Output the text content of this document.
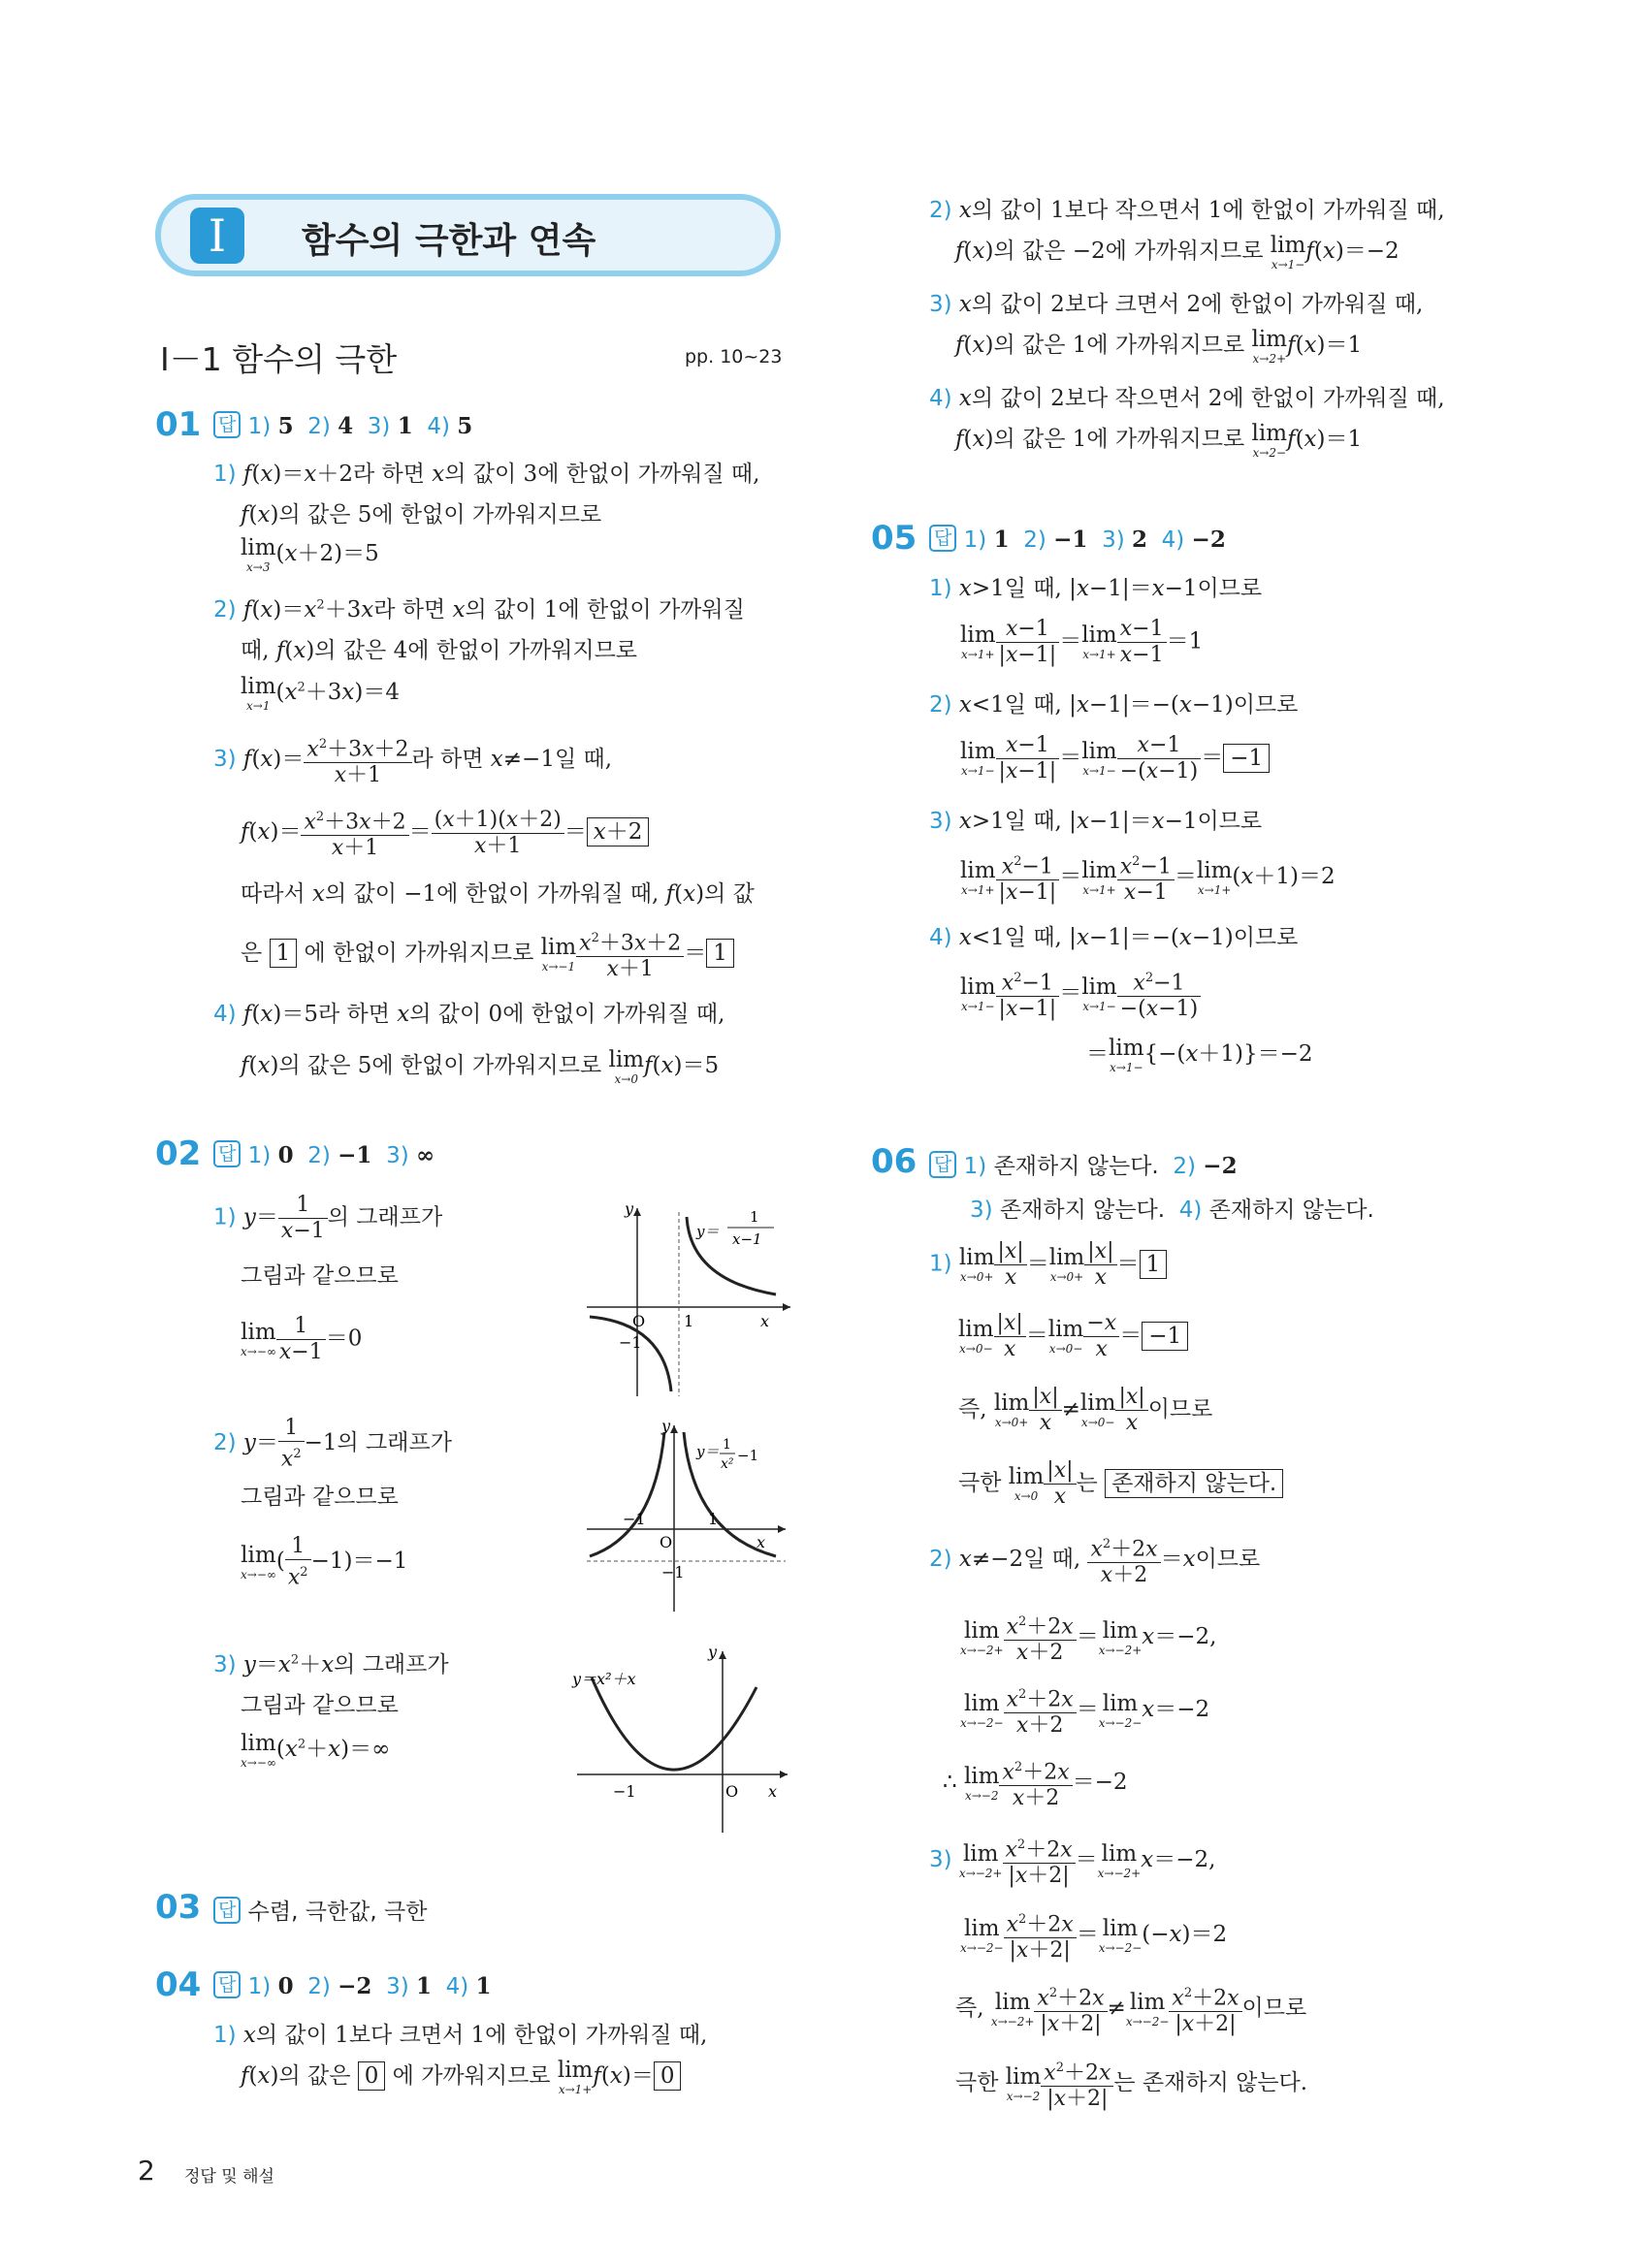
I	함수의 극한과 연속
Ⅰ－1 함수의 극한	pp. 10~23
01 답 1) 5 2) 4 3) 1 4) 5
1) f(x)＝x＋2라 하면 x의 값이 3에 한없이 가까워질 때,
f(x)의 값은 5에 한없이 가까워지므로
lim
x→3
(x＋2)＝5
2) $f(x)=x^2+3x$라 하면 x의 값이 1에 한없이 가까워질
때, f(x)의 값은 4에 한없이 가까워지므로
lim
x→1
$(x^2+3x)=4$
3) $f(x)= \frac{x^2+3x+2}{x+1}$ 라 하면 x≠−1일 때,
$f(x)= \frac{x^2+3x+2}{x+1} = \frac{(x+1)(x+2)}{x+1} = x+2$
따라서 x의 값이 −1에 한없이 가까워질 때, f(x)의 값
은 1 에 한없이 가까워지므로 lim
$x\to-1 \frac{x^2+3x+2}{x+1} = 1$
4) f(x)＝5라 하면 x의 값이 0에 한없이 가까워질 때,
f(x)의 값은 5에 한없이 가까워지므로 lim
x→0
f(x)＝5
02 답 1) 0 2) −1 3) ∞
1) $y= \frac{1}{x-1}$ 의 그래프가
그림과 같으므로
lim
$x\to-\infty \frac{1}{x-1} =0$
y
x
O 1
−1
y＝
1
x−1
2) $y= \frac{1}{x^2} -1$의 그래프가
그림과 같으므로
lim
x→−∞
( $\frac{1}{x^2} -1)=-1$
y
x
O
−1	1
−1
y＝ 1
x² −1
3) $y=x^2+x$의 그래프가
그림과 같으므로
lim
x→−∞
$(x^2+x)=\infty$
y
x
O
−1
y＝x²＋x
03 답 수렴, 극한값, 극한
04 답 1) 0 2) −2 3) 1 4) 1
1) x의 값이 1보다 크면서 1에 한없이 가까워질 때,
f(x)의 값은 0 에 가까워지므로 lim
x→1+
f(x)＝ 0
2) x의 값이 1보다 작으면서 1에 한없이 가까워질 때,
f(x)의 값은 −2에 가까워지므로 lim
x→1−
f(x)＝−2
3) x의 값이 2보다 크면서 2에 한없이 가까워질 때,
f(x)의 값은 1에 가까워지므로 lim
x→2+
f(x)＝1
4) x의 값이 2보다 작으면서 2에 한없이 가까워질 때,
f(x)의 값은 1에 가까워지므로 lim
x→2−
f(x)＝1
05 답 1) 1 2) −1 3) 2 4) −2
1) x>1일 때, |x−1|＝x−1이므로
lim
$x\to 1+ \frac{x-1}{|x-1|} = \lim$
$x\to 1+ \frac{x-1}{x-1} =1$
2) x<1일 때, |x−1|＝−(x−1)이므로
lim
$x\to 1- \frac{x-1}{|x-1|} = \lim$
$x\to 1- \frac{x-1}{-(x-1)} = -1$
3) x>1일 때, |x−1|＝x−1이므로
lim
$x\to 1+ \frac{x^2-1}{|x-1|} = \lim$
$x\to 1+ \frac{x^2-1}{x-1} = \lim$
x→1+
(x＋1)＝2
4) x<1일 때, |x−1|＝−(x−1)이므로
lim
$x\to 1- \frac{x^2-1}{|x-1|} = \lim$
$x\to 1- \frac{x^2-1}{-(x-1)}$
＝ lim
x→1−
{−(x＋1)}＝−2
06 답 1) 존재하지 않는다. 2) −2
3) 존재하지 않는다. 4) 존재하지 않는다.
1) lim
$x\to 0+ \frac{|x|}{x} = \lim$
$x\to 0+ \frac{|x|}{x} = 1$
lim
$x\to 0- \frac{|x|}{x} = \lim$
$x\to 0- \frac{-x}{x} = -1$
즉, lim
$x\to 0+ \frac{|x|}{x} \ne \lim$
$x\to 0- \frac{|x|}{x}$ 이므로
극한 lim
$x\to 0 \frac{|x|}{x}$ 는 존재하지 않는다.
2) x≠−2일 때, $\frac{x^2+2x}{x+2} =x$이므로
lim
$x\to-2+ \frac{x^2+2x}{x+2} = \lim$
x→−2+
x＝−2,
lim
$x\to-2- \frac{x^2+2x}{x+2} = \lim$
x→−2−
x＝−2
∴ lim
$x\to-2 \frac{x^2+2x}{x+2} =-2$
3) lim
$x\to-2+ \frac{x^2+2x}{|x+2|} = \lim$
x→−2+
x＝−2,
lim
$x\to-2- \frac{x^2+2x}{|x+2|} = \lim$
x→−2−
(−x)＝2
즉, lim
$x\to-2+ \frac{x^2+2x}{|x+2|} \ne \lim$
$x\to-2- \frac{x^2+2x}{|x+2|}$ 이므로
극한 lim
$x\to-2 \frac{x^2+2x}{|x+2|}$ 는 존재하지 않는다.
2 정답 및 해설
